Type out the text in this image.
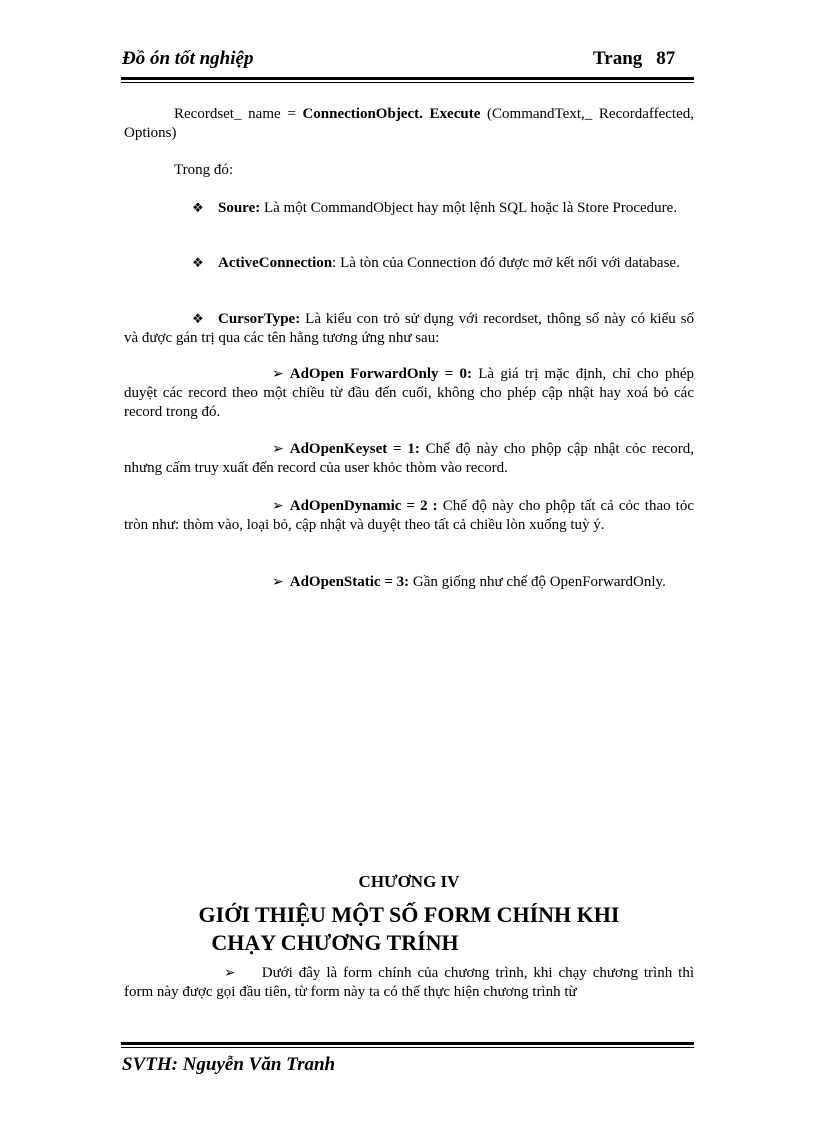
Đồ ón tốt nghiệp	Trang 87
Recordset_ name = ConnectionObject. Execute (CommandText,_ Recordaffected, Options)
Trong đó:
❖ Soure: Là một CommandObject hay một lệnh SQL hoặc là Store Procedure.
❖ ActiveConnection: Là tòn của Connection đó được mở kết nối với database.
❖ CursorType: Là kiểu con trỏ sử dụng với recordset, thông số này có kiểu số và được gán trị qua các tên hằng tương ứng như sau:
➢ AdOpen ForwardOnly = 0: Là giá trị mặc định, chỉ cho phép duyệt các record theo một chiều từ đầu đến cuối, không cho phép cập nhật hay xoá bỏ các record trong đó.
➢ AdOpenKeyset = 1: Chế độ này cho phộp cập nhật cỏc record, nhưng cấm truy xuất đến record của user khỏc thòm vào record.
➢ AdOpenDynamic = 2 : Chế độ này cho phộp tất cả cỏc thao tỏc tròn như: thòm vào, loại bỏ, cập nhật và duyệt theo tất cả chiều lòn xuống tuỳ ý.
➢ AdOpenStatic = 3: Gần giống như chế độ OpenForwardOnly.
CHƯƠNG IV
GIỚI THIỆU MỘT SỐ FORM CHÍNH KHI
CHẠY CHƯƠNG TRÍNH
➢ Dưới đây là form chính của chương trình, khi chạy chương trình thì form này được gọi đầu tiên, từ form này ta có thể thực hiện chương trình từ
SVTH: Nguyễn Văn Tranh
